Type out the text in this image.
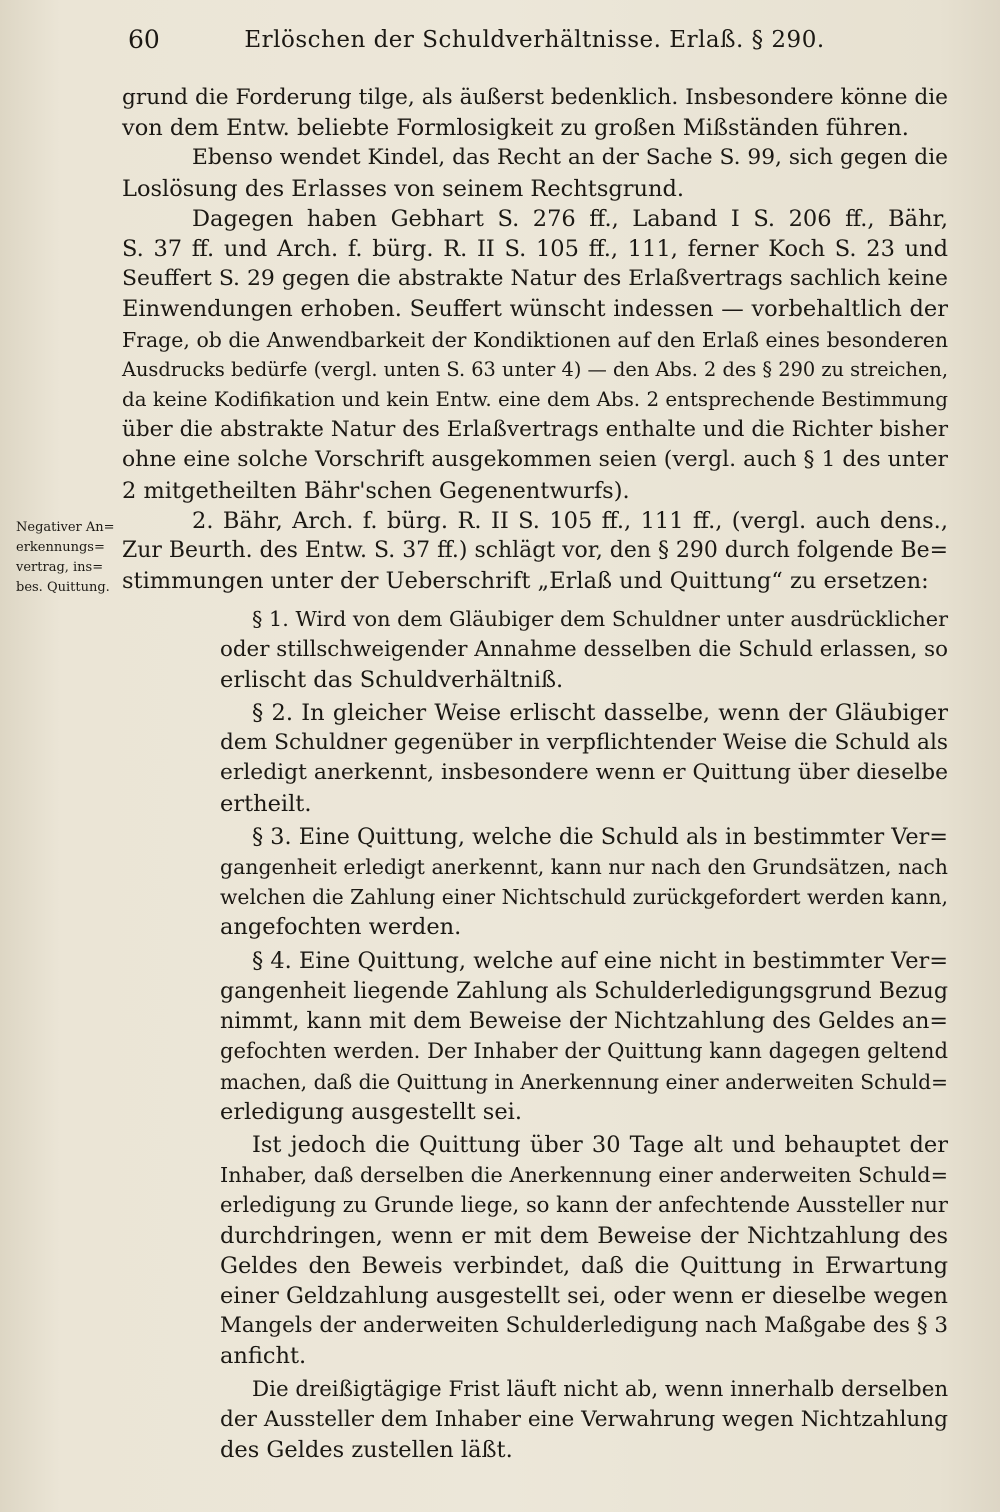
60	Erlöschen der Schuldverhältnisse. Erlaß. § 290.
Negativer An=
erkennungs=
vertrag, ins=
bes. Quittung.
grund die Forderung tilge, als äußerst bedenklich. Insbesondere könne die
von dem Entw. beliebte Formlosigkeit zu großen Mißständen führen.
Ebenso wendet Kindel, das Recht an der Sache S. 99, sich gegen die
Loslösung des Erlasses von seinem Rechtsgrund.
Dagegen haben Gebhart S. 276 ff., Laband I S. 206 ff., Bähr,
S. 37 ff. und Arch. f. bürg. R. II S. 105 ff., 111, ferner Koch S. 23 und
Seuffert S. 29 gegen die abstrakte Natur des Erlaßvertrags sachlich keine
Einwendungen erhoben. Seuffert wünscht indessen — vorbehaltlich der
Frage, ob die Anwendbarkeit der Kondiktionen auf den Erlaß eines besonderen
Ausdrucks bedürfe (vergl. unten S. 63 unter 4) — den Abs. 2 des § 290 zu streichen,
da keine Kodifikation und kein Entw. eine dem Abs. 2 entsprechende Bestimmung
über die abstrakte Natur des Erlaßvertrags enthalte und die Richter bisher
ohne eine solche Vorschrift ausgekommen seien (vergl. auch § 1 des unter
2 mitgetheilten Bähr'schen Gegenentwurfs).
2. Bähr, Arch. f. bürg. R. II S. 105 ff., 111 ff., (vergl. auch dens.,
Zur Beurth. des Entw. S. 37 ff.) schlägt vor, den § 290 durch folgende Be=
stimmungen unter der Ueberschrift „Erlaß und Quittung“ zu ersetzen:
§ 1. Wird von dem Gläubiger dem Schuldner unter ausdrücklicher
oder stillschweigender Annahme desselben die Schuld erlassen, so
erlischt das Schuldverhältniß.
§ 2. In gleicher Weise erlischt dasselbe, wenn der Gläubiger
dem Schuldner gegenüber in verpflichtender Weise die Schuld als
erledigt anerkennt, insbesondere wenn er Quittung über dieselbe
ertheilt.
§ 3. Eine Quittung, welche die Schuld als in bestimmter Ver=
gangenheit erledigt anerkennt, kann nur nach den Grundsätzen, nach
welchen die Zahlung einer Nichtschuld zurückgefordert werden kann,
angefochten werden.
§ 4. Eine Quittung, welche auf eine nicht in bestimmter Ver=
gangenheit liegende Zahlung als Schulderledigungsgrund Bezug
nimmt, kann mit dem Beweise der Nichtzahlung des Geldes an=
gefochten werden. Der Inhaber der Quittung kann dagegen geltend
machen, daß die Quittung in Anerkennung einer anderweiten Schuld=
erledigung ausgestellt sei.
Ist jedoch die Quittung über 30 Tage alt und behauptet der
Inhaber, daß derselben die Anerkennung einer anderweiten Schuld=
erledigung zu Grunde liege, so kann der anfechtende Aussteller nur
durchdringen, wenn er mit dem Beweise der Nichtzahlung des
Geldes den Beweis verbindet, daß die Quittung in Erwartung
einer Geldzahlung ausgestellt sei, oder wenn er dieselbe wegen
Mangels der anderweiten Schulderledigung nach Maßgabe des § 3
anficht.
Die dreißigtägige Frist läuft nicht ab, wenn innerhalb derselben
der Aussteller dem Inhaber eine Verwahrung wegen Nichtzahlung
des Geldes zustellen läßt.
